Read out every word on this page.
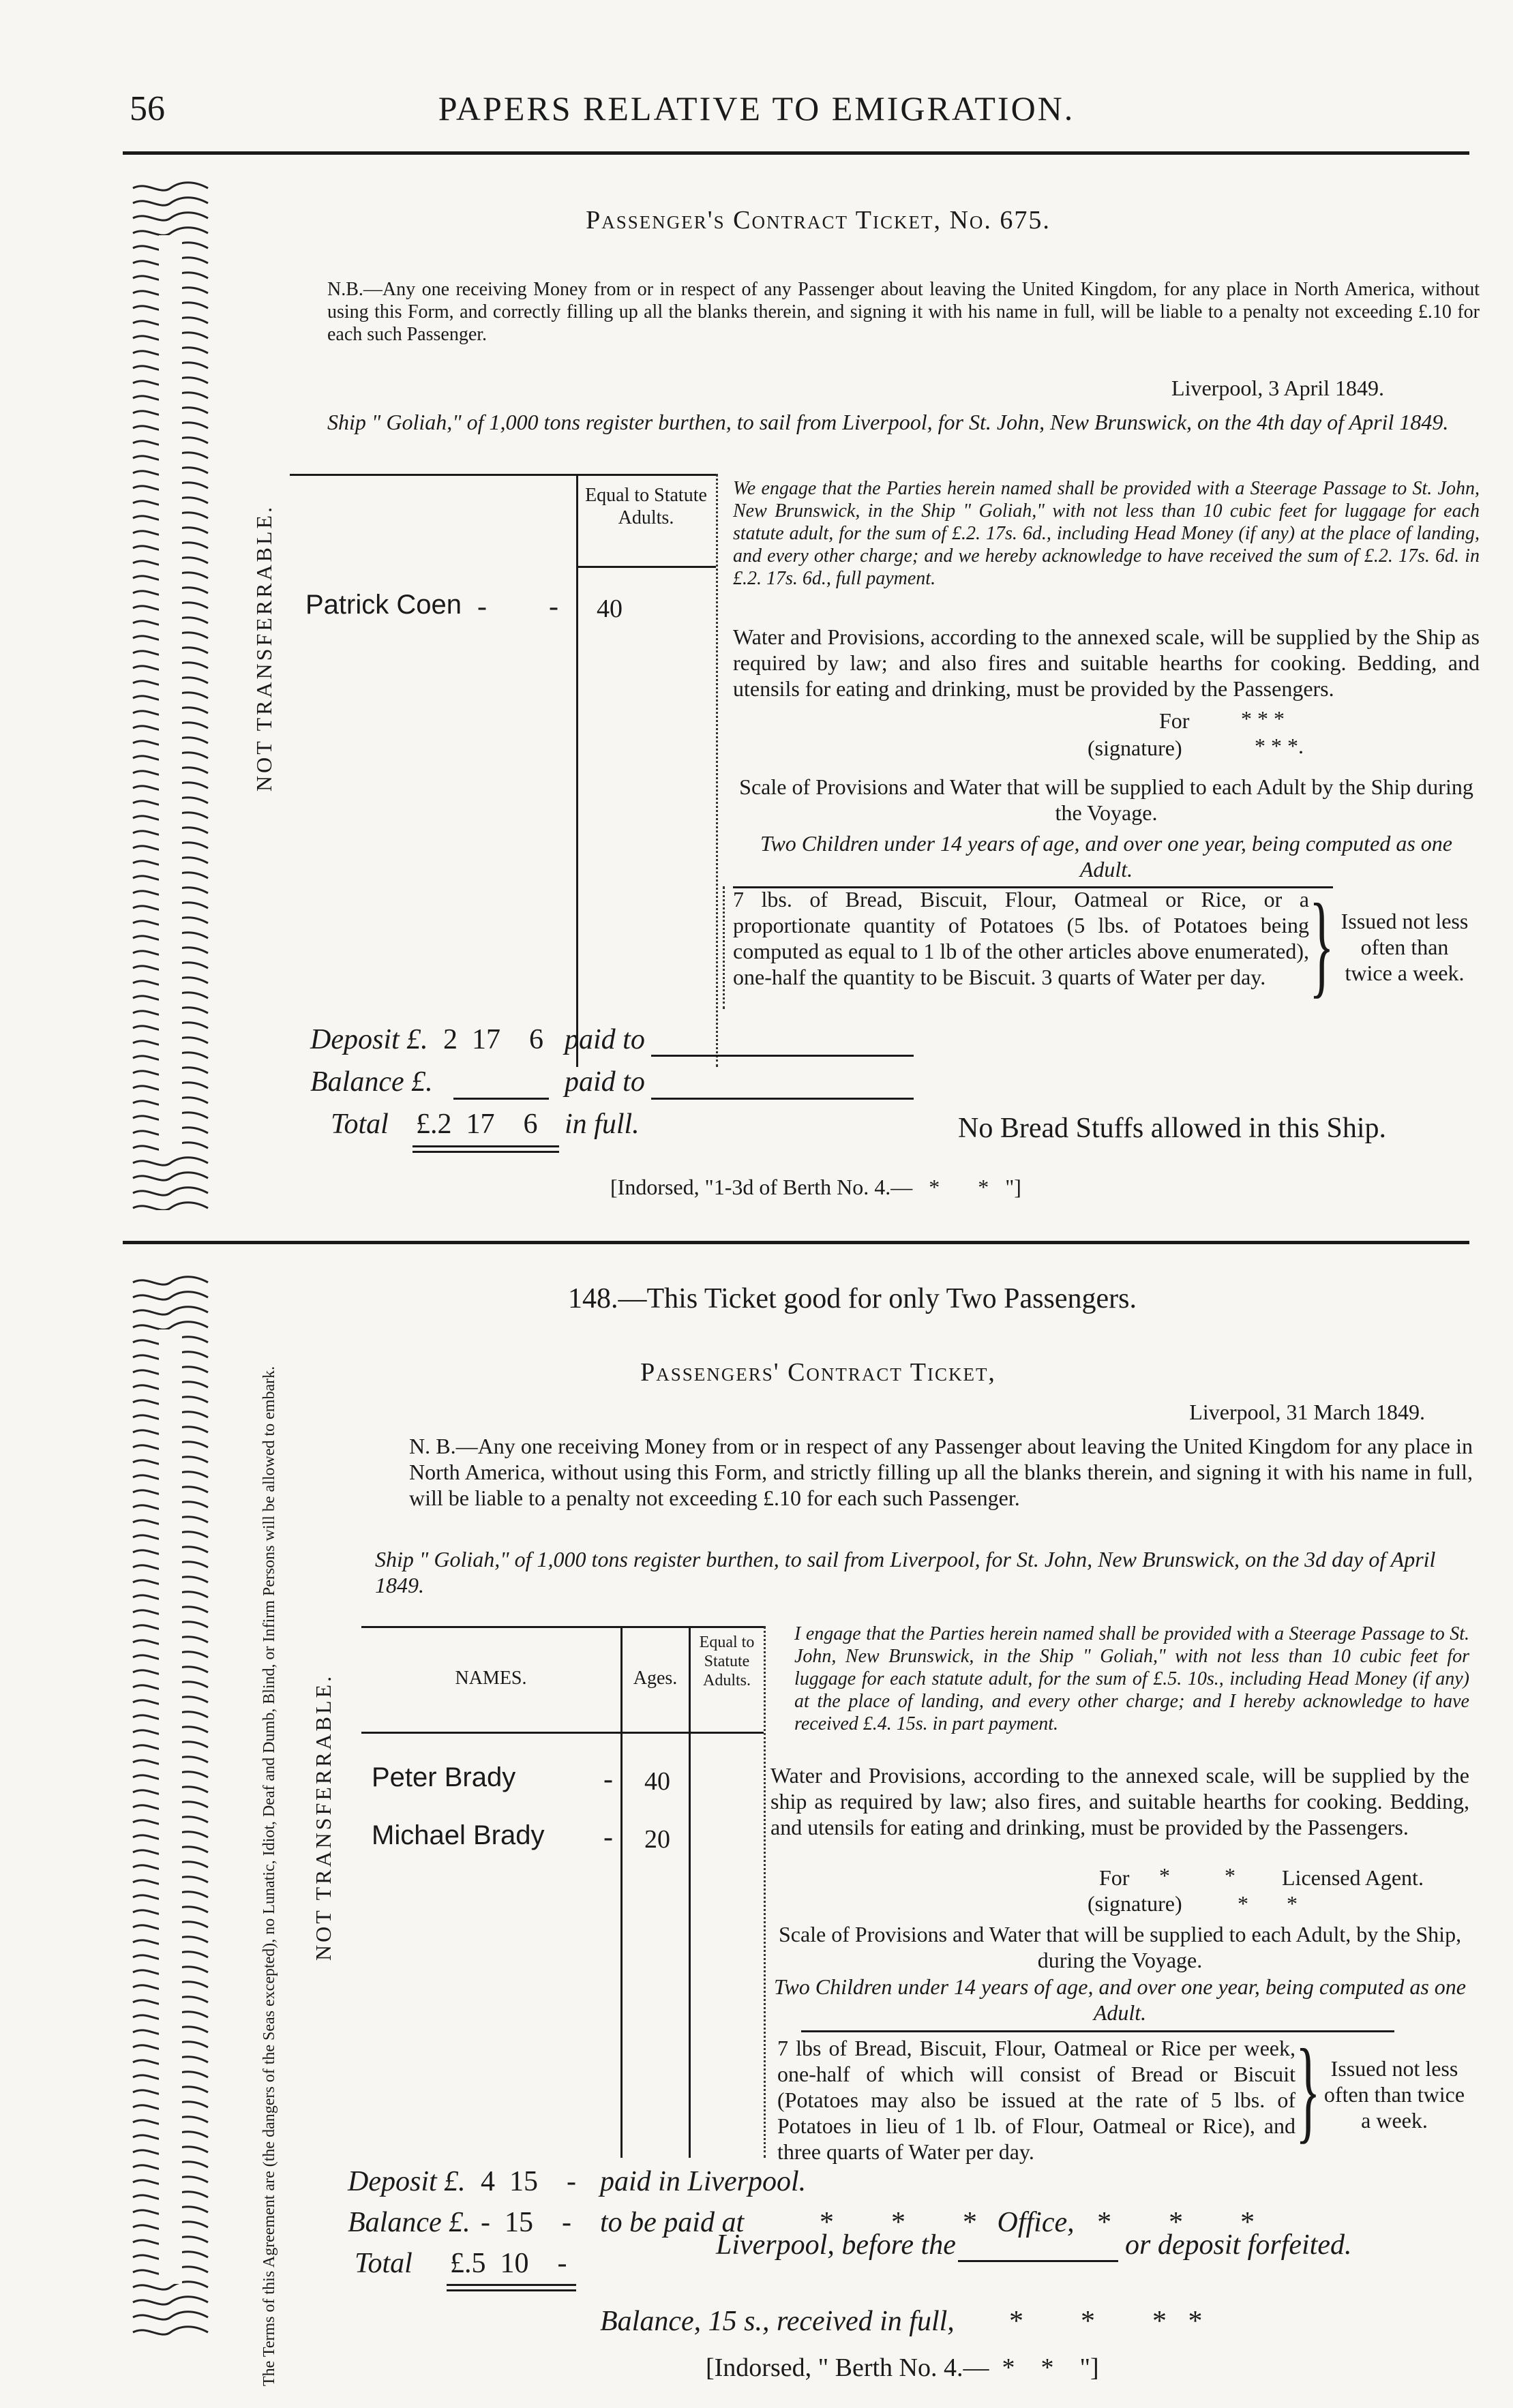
56	PAPERS RELATIVE TO EMIGRATION.
NOT TRANSFERRABLE.
Passenger's Contract Ticket, No. 675.
N.B.—Any one receiving Money from or in respect of any Passenger about leaving the United Kingdom, for any place in North America, without using this Form, and correctly filling up all the blanks therein, and signing it with his name in full, will be liable to a penalty not exceeding £.10 for each such Passenger.
Liverpool, 3 April 1849.
Ship " Goliah," of 1,000 tons register burthen, to sail from Liverpool, for St. John, New Brunswick, on the 4th day of April 1849.
Equal to Statute Adults.
Patrick Coen - - 40
We engage that the Parties herein named shall be provided with a Steerage Passage to St. John, New Brunswick, in the Ship " Goliah," with not less than 10 cubic feet for luggage for each statute adult, for the sum of £.2. 17s. 6d., including Head Money (if any) at the place of landing, and every other charge; and we hereby acknowledge to have received the sum of £.2. 17s. 6d. in £.2. 17s. 6d., full payment.
Water and Provisions, according to the annexed scale, will be supplied by the Ship as required by law; and also fires and suitable hearths for cooking. Bedding, and utensils for eating and drinking, must be provided by the Passengers.
For * * *
(signature)	* * *.
Scale of Provisions and Water that will be supplied to each Adult by the Ship during the Voyage.
Two Children under 14 years of age, and over one year, being computed as one Adult.
7 lbs. of Bread, Biscuit, Flour, Oatmeal or Rice, or a proportionate quantity of Potatoes (5 lbs. of Potatoes being computed as equal to 1 lb of the other articles above enumerated), one-half the quantity to be Biscuit. 3 quarts of Water per day. } Issued not less often than twice a week.
Deposit £. 2  17    6 paid to
Balance £.	paid to
Total £.2  17    6 in full.	No Bread Stuffs allowed in this Ship.
[Indorsed, "1-3d of Berth No. 4.—   *       *   "]
The Terms of this Agreement are (the dangers of the Seas excepted), no Lunatic, Idiot, Deaf and Dumb, Blind, or Infirm Persons will be allowed to embark.	NOT TRANSFERRABLE.
148.—This Ticket good for only Two Passengers.
Passengers' Contract Ticket,
Liverpool, 31 March 1849.
N. B.—Any one receiving Money from or in respect of any Passenger about leaving the United Kingdom for any place in North America, without using this Form, and strictly filling up all the blanks therein, and signing it with his name in full, will be liable to a penalty not exceeding £.10 for each such Passenger.
Ship " Goliah," of 1,000 tons register burthen, to sail from Liverpool, for St. John, New Brunswick, on the 3d day of April 1849.
NAMES.	Ages.
Equal to Statute Adults.
Peter Brady	- 40
Michael Brady - 20
I engage that the Parties herein named shall be provided with a Steerage Passage to St. John, New Brunswick, in the Ship " Goliah," with not less than 10 cubic feet for luggage for each statute adult, for the sum of £.5. 10s., including Head Money (if any) at the place of landing, and every other charge; and I hereby acknowledge to have received £.4. 15s. in part payment.
Water and Provisions, according to the annexed scale, will be supplied by the ship as required by law; also fires, and suitable hearths for cooking. Bedding, and utensils for eating and drinking, must be provided by the Passengers.
For *          * Licensed Agent.
(signature)	*       *
Scale of Provisions and Water that will be supplied to each Adult, by the Ship, during the Voyage.
Two Children under 14 years of age, and over one year, being computed as one Adult.
7 lbs of Bread, Biscuit, Flour, Oatmeal or Rice per week, one-half of which will consist of Bread or Biscuit (Potatoes may also be issued at the rate of 5 lbs. of Potatoes in lieu of 1 lb. of Flour, Oatmeal or Rice), and three quarts of Water per day.	} Issued not less often than twice a week.
Deposit £. 4  15    - paid in Liverpool.
Balance £. -  15    - to be paid at	*        *        *   Office,   *        *        *
Liverpool, before the	or deposit forfeited.
Total £.5  10    -
Balance, 15 s., received in full, *        *        *   *
[Indorsed, " Berth No. 4.—  *    *    "]
